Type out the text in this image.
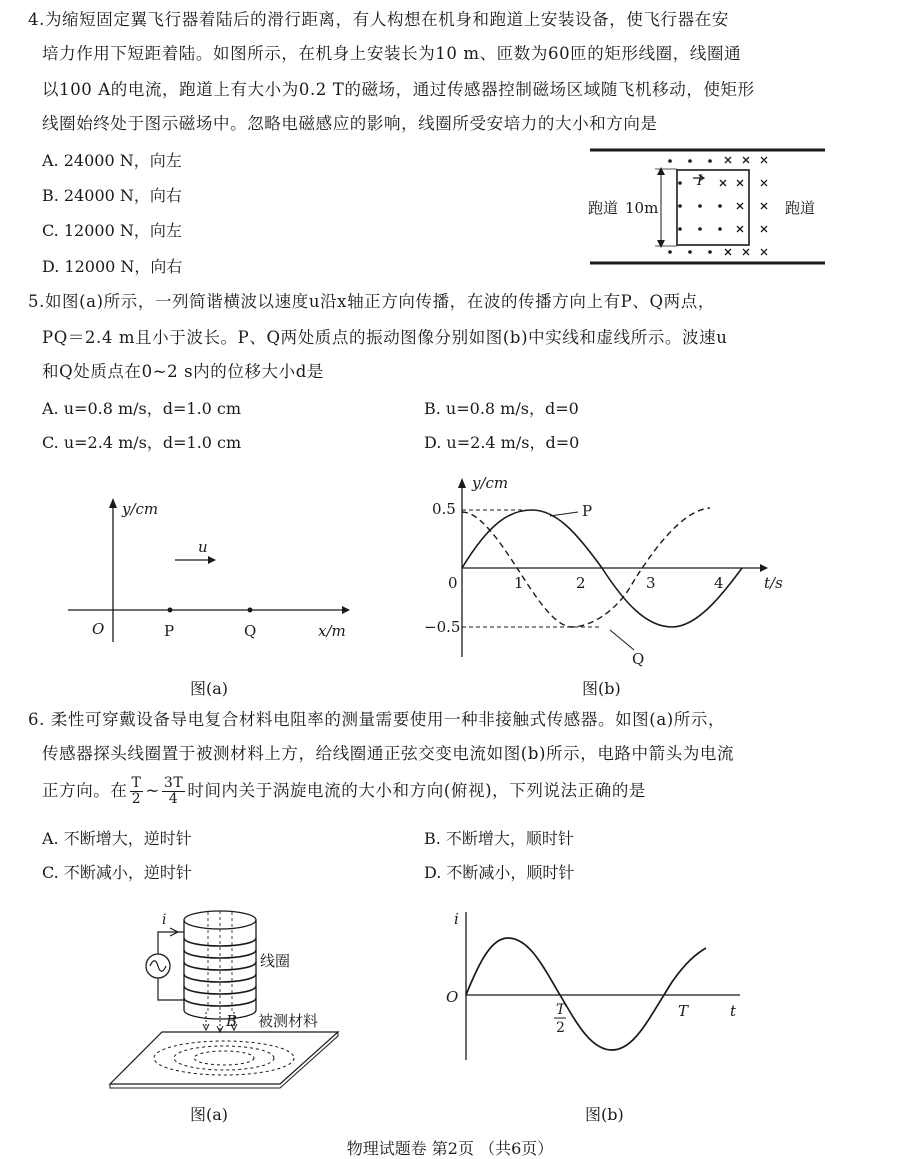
4.为缩短固定翼飞行器着陆后的滑行距离，有人构想在机身和跑道上安装设备，使飞行器在安
培力作用下短距着陆。如图所示，在机身上安装长为10 m、匝数为60匝的矩形线圈，线圈通
以100 A的电流，跑道上有大小为0.2 T的磁场，通过传感器控制磁场区域随飞机移动，使矩形
线圈始终处于图示磁场中。忽略电磁感应的影响，线圈所受安培力的大小和方向是
A. 24000 N，向左
B. 24000 N，向右
C. 12000 N，向左
D. 12000 N，向右
I
跑道 10m	跑道
5.如图(a)所示，一列简谐横波以速度u沿x轴正方向传播，在波的传播方向上有P、Q两点，
PQ＝2.4 m且小于波长。P、Q两处质点的振动图像分别如图(b)中实线和虚线所示。波速u
和Q处质点在0~2 s内的位移大小d是
A. u=0.8 m/s，d=1.0 cm	B. u=0.8 m/s，d=0
C. u=2.4 m/s，d=1.0 cm	D. u=2.4 m/s，d=0
y/cm
O	P	Q	x/m
u
图(a)
y/cm
0.5
−0.5
0	1	2	3	4	t/s
P
Q
图(b)
6. 柔性可穿戴设备导电复合材料电阻率的测量需要使用一种非接触式传感器。如图(a)所示，
传感器探头线圈置于被测材料上方，给线圈通正弦交变电流如图(b)所示，电路中箭头为电流
正方向。在 $\frac{T}{2}$ ~ $\frac{3T}{4}$ 时间内关于涡旋电流的大小和方向(俯视)，下列说法正确的是
A. 不断增大，逆时针	B. 不断增大，顺时针
C. 不断减小，逆时针	D. 不断减小，顺时针
i
线圈
B 被测材料
图(a)
i
O
t
T
2
T
图(b)
物理试题卷 第2页 （共6页）
